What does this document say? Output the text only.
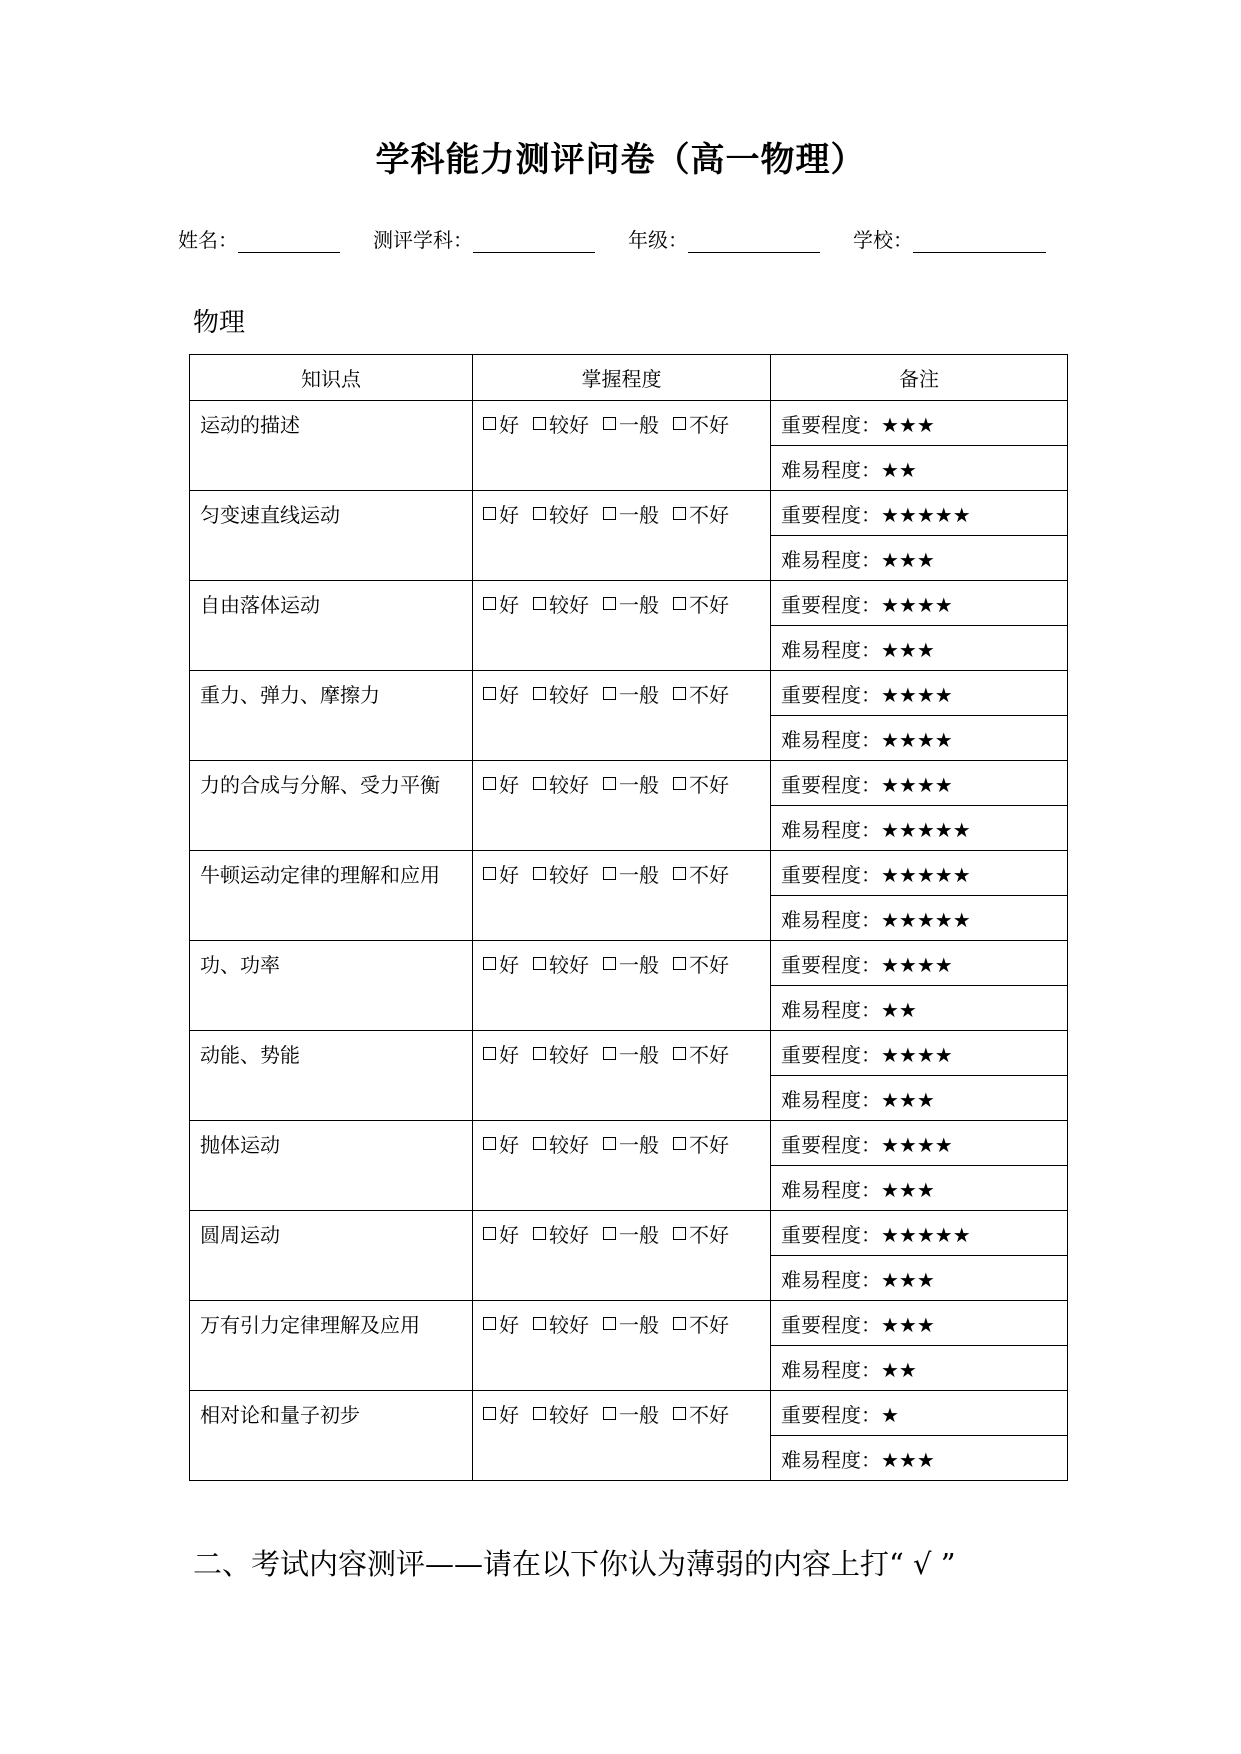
学科能力测评问卷（高一物理）
姓名：	测评学科：	年级：	学校：
物理
知识点	掌握程度	备注
运动的描述	好 较好 一般 不好	重要程度：★★★
		难易程度：★★
匀变速直线运动	好 较好 一般 不好	重要程度：★★★★★
		难易程度：★★★
自由落体运动	好 较好 一般 不好	重要程度：★★★★
		难易程度：★★★
重力、弹力、摩擦力	好 较好 一般 不好	重要程度：★★★★
		难易程度：★★★★
力的合成与分解、受力平衡	好 较好 一般 不好	重要程度：★★★★
		难易程度：★★★★★
牛顿运动定律的理解和应用	好 较好 一般 不好	重要程度：★★★★★
		难易程度：★★★★★
功、功率	好 较好 一般 不好	重要程度：★★★★
		难易程度：★★
动能、势能	好 较好 一般 不好	重要程度：★★★★
		难易程度：★★★
抛体运动	好 较好 一般 不好	重要程度：★★★★
		难易程度：★★★
圆周运动	好 较好 一般 不好	重要程度：★★★★★
		难易程度：★★★
万有引力定律理解及应用	好 较好 一般 不好	重要程度：★★★
		难易程度：★★
相对论和量子初步	好 较好 一般 不好	重要程度：★
		难易程度：★★★
二、考试内容测评——请在以下你认为薄弱的内容上打“ √ ”
